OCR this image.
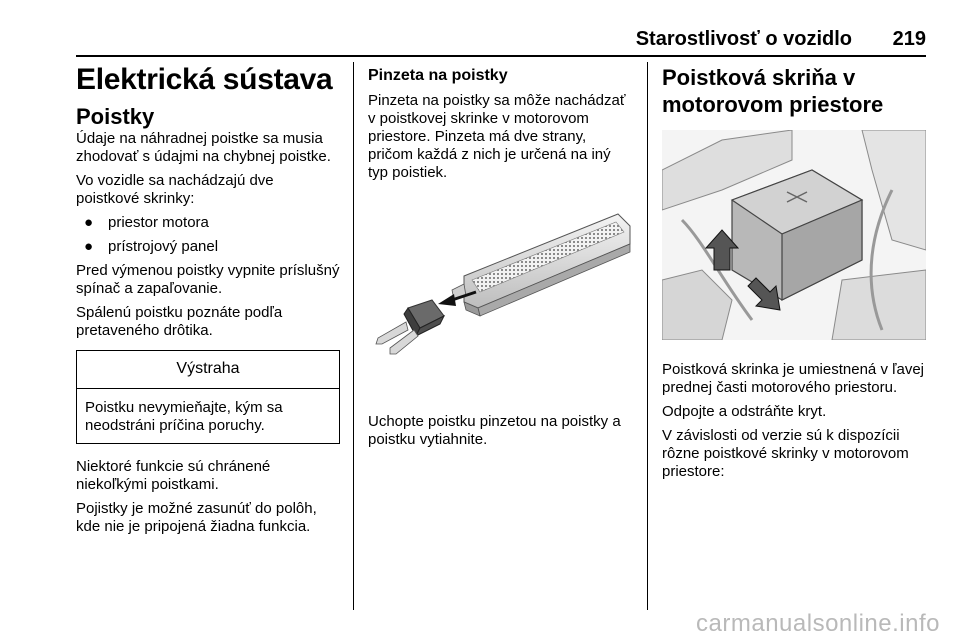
Starostlivosť o vozidlo 219
Elektrická sústava
Poistky

Údaje na náhradnej poistke sa musia zhodovať s údajmi na chybnej poistke.

Vo vozidle sa nachádzajú dve poistkové skrinky:

● priestor motora
● prístrojový panel

Pred výmenou poistky vypnite príslušný spínač a zapaľovanie.

Spálenú poistku poznáte podľa pretaveného drôtika.

Výstraha
Poistku nevymieňajte, kým sa neodstráni príčina poruchy.

Niektoré funkcie sú chránené niekoľkými poistkami.

Pojistky je možné zasunúť do polôh, kde nie je pripojená žiadna funkcia.

Pinzeta na poistky

Pinzeta na poistky sa môže nachádzať v poistkovej skrinke v motorovom priestore. Pinzeta má dve strany, pričom každá z nich je určená na iný typ poistiek.

Uchopte poistku pinzetou na poistky a poistku vytiahnite.

Poistková skriňa v motorovom priestore

Poistková skrinka je umiestnená v ľavej prednej časti motorového priestoru.

Odpojte a odstráňte kryt.

V závislosti od verzie sú k dispozícii rôzne poistkové skrinky v motorovom priestore:

carmanualsonline.info
